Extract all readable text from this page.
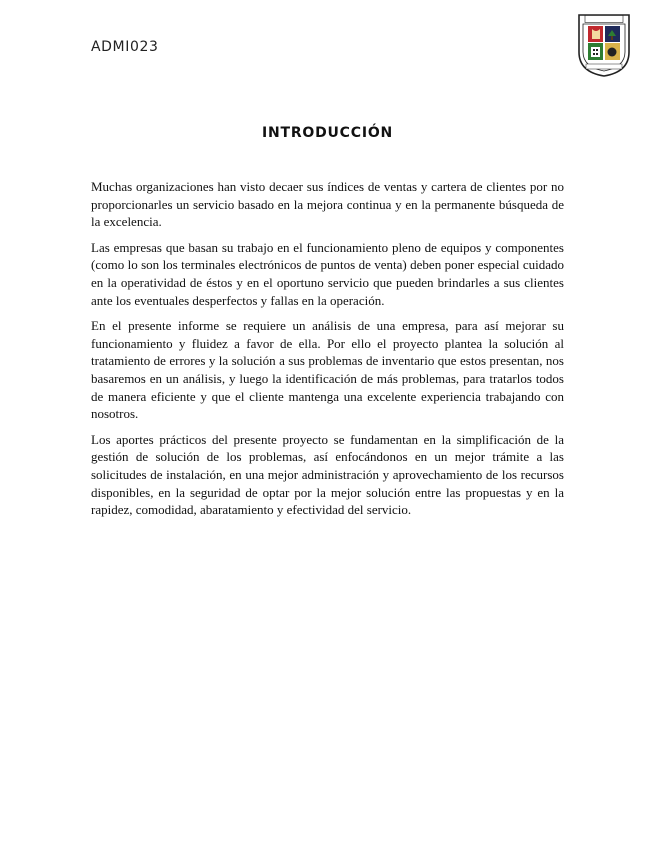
ADMI023
INTRODUCCIÓN

Muchas organizaciones han visto decaer sus índices de ventas y cartera de clientes por no proporcionarles un servicio basado en la mejora continua y en la permanente búsqueda de la excelencia.

Las empresas que basan su trabajo en el funcionamiento pleno de equipos y componentes (como lo son los terminales electrónicos de puntos de venta) deben poner especial cuidado en la operatividad de éstos y en el oportuno servicio que pueden brindarles a sus clientes ante los eventuales desperfectos y fallas en la operación.

En el presente informe se requiere un análisis de una empresa, para así mejorar su funcionamiento y fluidez a favor de ella. Por ello el proyecto plantea la solución al tratamiento de errores y la solución a sus problemas de inventario que estos presentan, nos basaremos en un análisis, y luego la identificación de más problemas, para tratarlos todos de manera eficiente y que el cliente mantenga una excelente experiencia trabajando con nosotros.

Los aportes prácticos del presente proyecto se fundamentan en la simplificación de la gestión de solución de los problemas, así enfocándonos en un mejor trámite a las solicitudes de instalación, en una mejor administración y aprovechamiento de los recursos disponibles, en la seguridad de optar por la mejor solución entre las propuestas y en la rapidez, comodidad, abaratamiento y efectividad del servicio.
